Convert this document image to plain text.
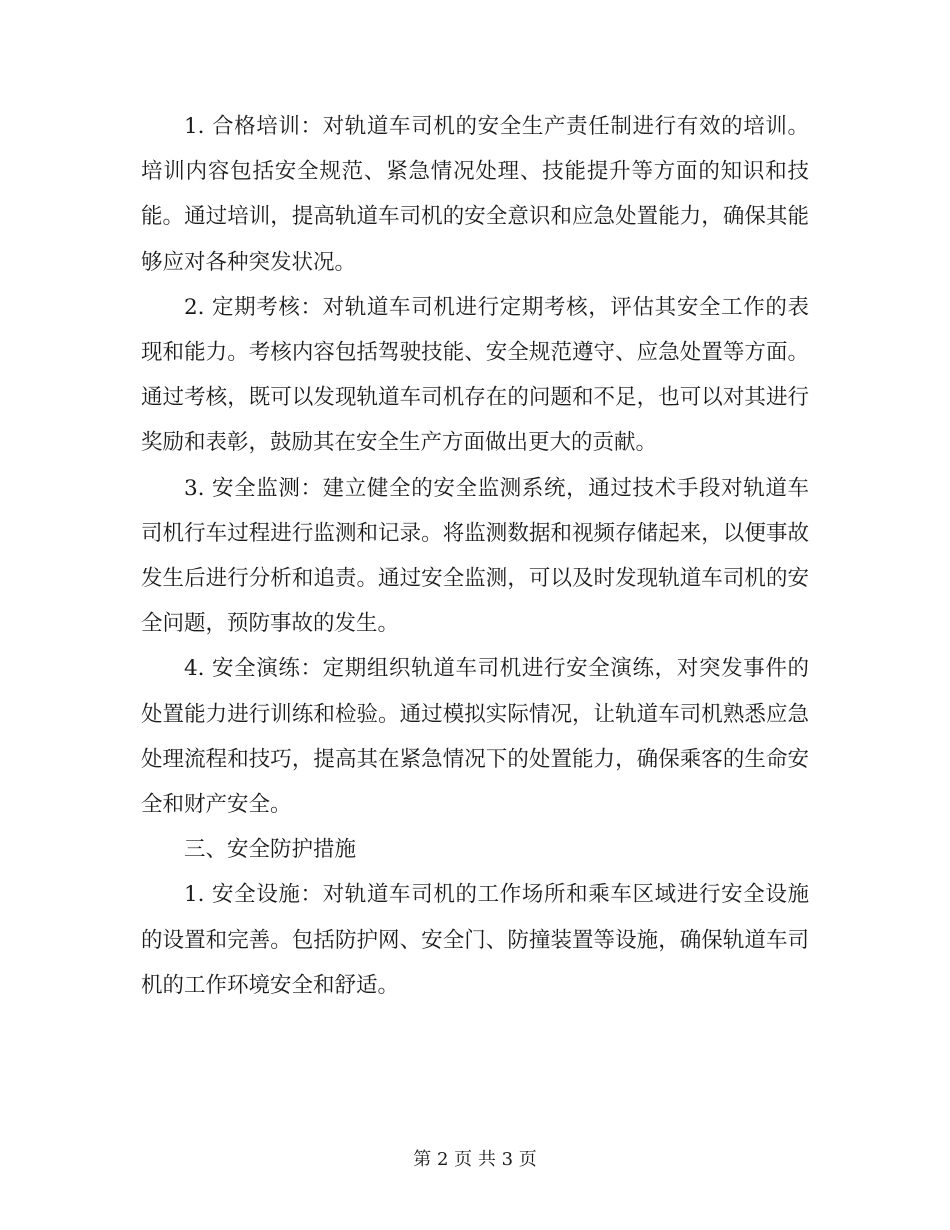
1. 合格培训：对轨道车司机的安全生产责任制进行有效的培训。培训内容包括安全规范、紧急情况处理、技能提升等方面的知识和技能。通过培训，提高轨道车司机的安全意识和应急处置能力，确保其能够应对各种突发状况。

2. 定期考核：对轨道车司机进行定期考核，评估其安全工作的表现和能力。考核内容包括驾驶技能、安全规范遵守、应急处置等方面。通过考核，既可以发现轨道车司机存在的问题和不足，也可以对其进行奖励和表彰，鼓励其在安全生产方面做出更大的贡献。

3. 安全监测：建立健全的安全监测系统，通过技术手段对轨道车司机行车过程进行监测和记录。将监测数据和视频存储起来，以便事故发生后进行分析和追责。通过安全监测，可以及时发现轨道车司机的安全问题，预防事故的发生。

4. 安全演练：定期组织轨道车司机进行安全演练，对突发事件的处置能力进行训练和检验。通过模拟实际情况，让轨道车司机熟悉应急处理流程和技巧，提高其在紧急情况下的处置能力，确保乘客的生命安全和财产安全。

三、安全防护措施

1. 安全设施：对轨道车司机的工作场所和乘车区域进行安全设施的设置和完善。包括防护网、安全门、防撞装置等设施，确保轨道车司机的工作环境安全和舒适。

第 2 页 共 3 页
